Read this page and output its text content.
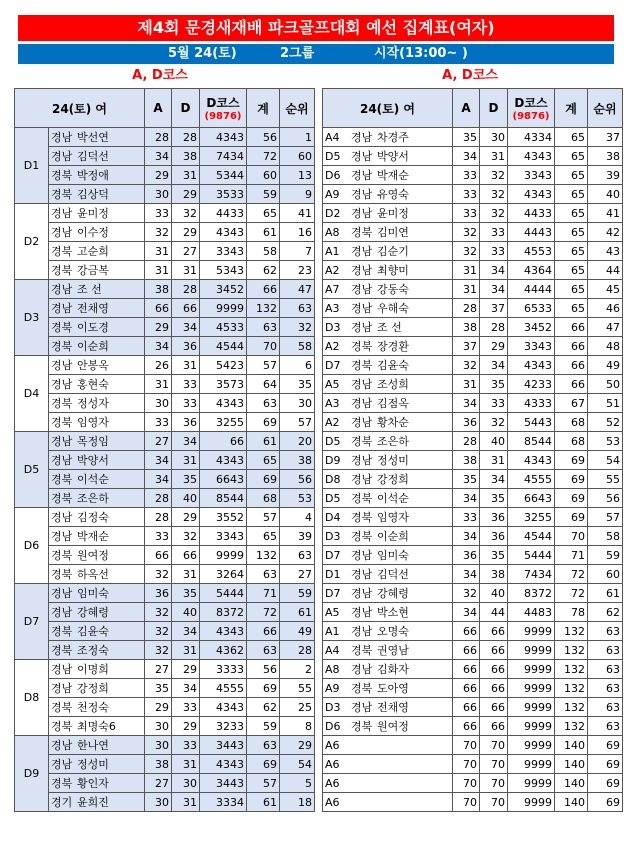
제4회 문경새재배 파크골프대회 예선 집계표(여자)

5월 24(토)

	2그룹

	시작(13:00~ )

A, D코스	A, D코스
24(토) 여		A	D	D코스
(9876)	계	순위
D1	경남 박선연	28	28	4343	56	1
	경남 김덕선	34	38	7434	72	60
	경북 박정애	29	31	5344	60	13
	경북 김상덕	30	29	3533	59	9
D2	경남 윤미정	33	32	4433	65	41
	경남 이수정	32	29	4343	61	16
	경북 고순희	31	27	3343	58	7
	경북 강금복	31	31	5343	62	23
D3	경남 조 선	38	28	3452	66	47
	경남 전채영	66	66	9999	132	63
	경북 이도경	29	34	4533	63	32
	경북 이순희	34	36	4544	70	58
D4	경남 안봉옥	26	31	5423	57	6
	경남 홍현숙	31	33	3573	64	35
	경북 정성자	30	33	4343	63	30
	경북 임영자	33	36	3255	69	57
D5	경남 목정임	27	34	66	61	20
	경남 박양서	34	31	4343	65	38
	경북 이석순	34	35	6643	69	56
	경북 조은하	28	40	8544	68	53
D6	경남 김정숙	28	29	3552	57	4
	경남 박재순	33	32	3343	65	39
	경북 원여정	66	66	9999	132	63
	경북 하옥선	32	31	3264	63	27
D7	경남 임미숙	36	35	5444	71	59
	경남 강혜령	32	40	8372	72	61
	경북 김윤숙	32	34	4343	66	49
	경북 조정숙	32	31	4362	63	28
D8	경남 이명희	27	29	3333	56	2
	경남 강정희	35	34	4555	69	55
	경북 천정숙	29	33	4343	62	25
	경북 최명숙6	30	29	3233	59	8
D9	경남 한나연	30	33	3443	63	29
	경남 정성미	38	31	4343	69	54
	경북 황인자	27	30	3443	57	5
	경기 윤희진	30	31	3334	61	18
24(토) 여	A	D	D코스
(9876)	계	순위
A4 경남 차경주	35	30	4334	65	37
D5 경남 박양서	34	31	4343	65	38
D6 경남 박재순	33	32	3343	65	39
A9 경남 유영숙	33	32	4343	65	40
D2 경남 윤미정	33	32	4433	65	41
A8 경북 김미연	32	33	4443	65	42
A1 경남 김순기	32	33	4553	65	43
A2 경남 최향미	31	34	4364	65	44
A7 경남 강동숙	31	34	4444	65	45
A3 경남 우해숙	28	37	6533	65	46
D3 경남 조 선	38	28	3452	66	47
A2 경북 장경환	37	29	3343	66	48
D7 경북 김윤숙	32	34	4343	66	49
A5 경남 조성희	31	35	4233	66	50
A3 경남 김점옥	34	33	4333	67	51
A2 경남 황차순	36	32	5443	68	52
D5 경북 조은하	28	40	8544	68	53
D9 경남 정성미	38	31	4343	69	54
D8 경남 강정희	35	34	4555	69	55
D5 경북 이석순	34	35	6643	69	56
D4 경북 임영자	33	36	3255	69	57
D3 경북 이순희	34	36	4544	70	58
D7 경남 임미숙	36	35	5444	71	59
D1 경남 김덕선	34	38	7434	72	60
D7 경남 강혜령	32	40	8372	72	61
A5 경남 박소현	34	44	4483	78	62
A1 경남 오명숙	66	66	9999	132	63
A4 경북 권영남	66	66	9999	132	63
A8 경남 김화자	66	66	9999	132	63
A9 경북 도아영	66	66	9999	132	63
D3 경남 전채영	66	66	9999	132	63
D6 경북 원여정	66	66	9999	132	63
A6	70	70	9999	140	69
A6	70	70	9999	140	69
A6	70	70	9999	140	69
A6	70	70	9999	140	69
